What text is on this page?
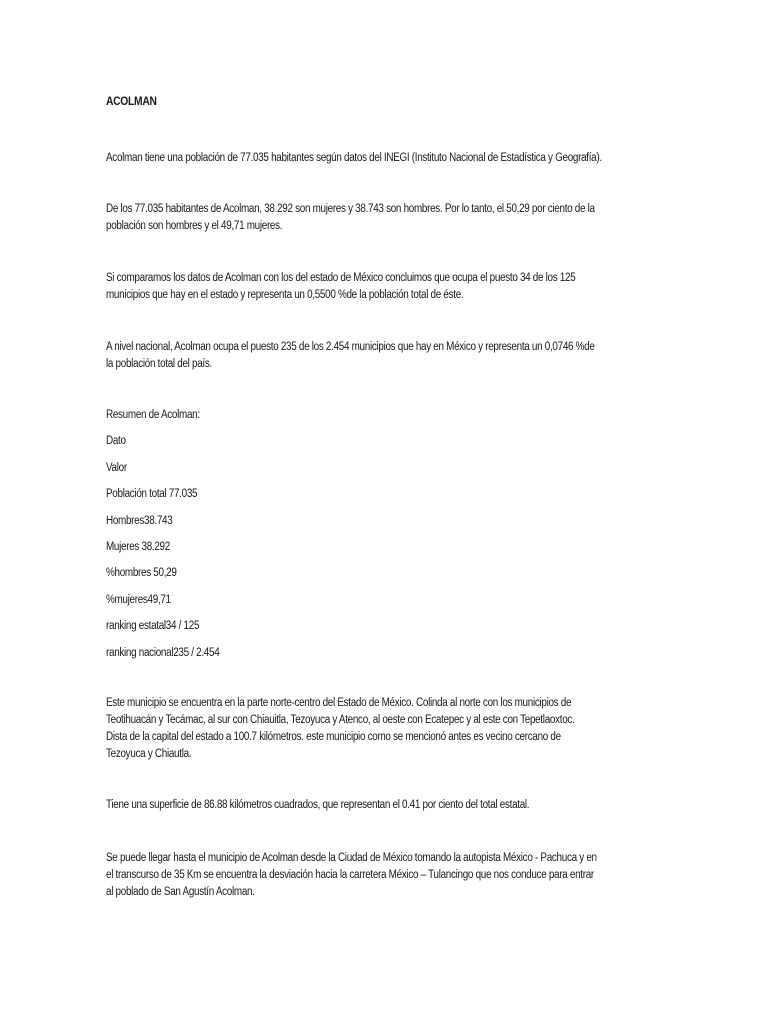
ACOLMAN
Acolman tiene una población de 77.035 habitantes según datos del INEGI (Instituto Nacional de Estadística y Geografía).
De los 77.035 habitantes de Acolman, 38.292 son mujeres y 38.743 son hombres. Por lo tanto, el 50,29 por ciento de la
población son hombres y el 49,71 mujeres.
Si comparamos los datos de Acolman con los del estado de México concluimos que ocupa el puesto 34 de los 125
municipios que hay en el estado y representa un 0,5500 %de la población total de éste.
A nivel nacional, Acolman ocupa el puesto 235 de los 2.454 municipios que hay en México y representa un 0,0746 %de
la población total del país.
Resumen de Acolman:
Dato
Valor
Población total 77.035
Hombres38.743
Mujeres 38.292
%hombres 50,29
%mujeres49,71
ranking estatal34 / 125
ranking nacional235 / 2.454
Este municipio se encuentra en la parte norte-centro del Estado de México. Colinda al norte con los municipios de
Teotihuacán y Tecámac, al sur con Chiauitla, Tezoyuca y Atenco, al oeste con Ecatepec y al este con Tepetlaoxtoc.
Dista de la capital del estado a 100.7 kilómetros. este municipio como se mencionó antes es vecino cercano de
Tezoyuca y Chiautla.
Tiene una superficie de 86.88 kilómetros cuadrados, que representan el 0.41 por ciento del total estatal.
Se puede llegar hasta el municipio de Acolman desde la Ciudad de México tomando la autopista México - Pachuca y en
el transcurso de 35 Km se encuentra la desviación hacia la carretera México – Tulancingo que nos conduce para entrar
al poblado de San Agustín Acolman.
